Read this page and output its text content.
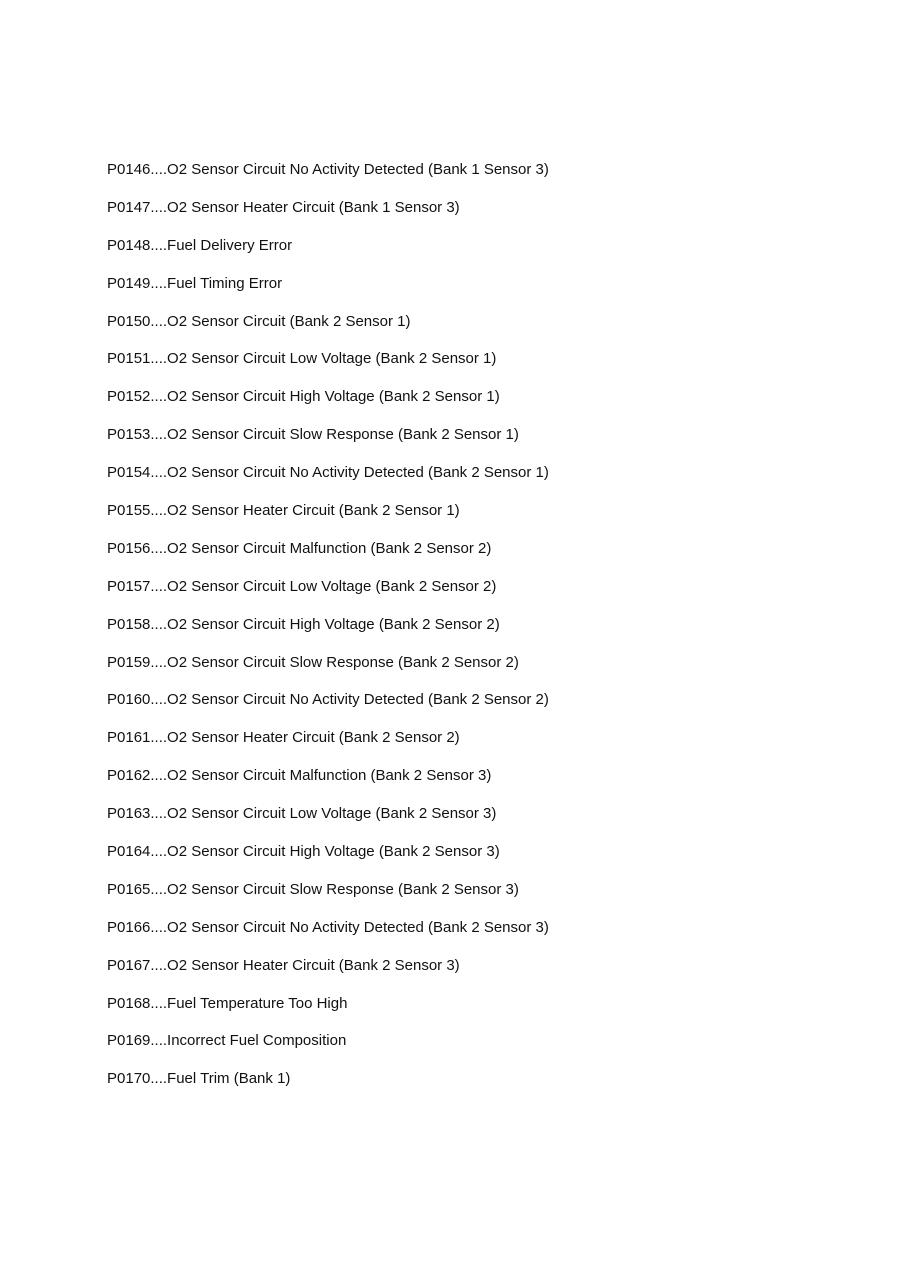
P0146....O2 Sensor Circuit No Activity Detected (Bank 1 Sensor 3)
P0147....O2 Sensor Heater Circuit (Bank 1 Sensor 3)
P0148....Fuel Delivery Error
P0149....Fuel Timing Error
P0150....O2 Sensor Circuit (Bank 2 Sensor 1)
P0151....O2 Sensor Circuit Low Voltage (Bank 2 Sensor 1)
P0152....O2 Sensor Circuit High Voltage (Bank 2 Sensor 1)
P0153....O2 Sensor Circuit Slow Response (Bank 2 Sensor 1)
P0154....O2 Sensor Circuit No Activity Detected (Bank 2 Sensor 1)
P0155....O2 Sensor Heater Circuit (Bank 2 Sensor 1)
P0156....O2 Sensor Circuit Malfunction (Bank 2 Sensor 2)
P0157....O2 Sensor Circuit Low Voltage (Bank 2 Sensor 2)
P0158....O2 Sensor Circuit High Voltage (Bank 2 Sensor 2)
P0159....O2 Sensor Circuit Slow Response (Bank 2 Sensor 2)
P0160....O2 Sensor Circuit No Activity Detected (Bank 2 Sensor 2)
P0161....O2 Sensor Heater Circuit (Bank 2 Sensor 2)
P0162....O2 Sensor Circuit Malfunction (Bank 2 Sensor 3)
P0163....O2 Sensor Circuit Low Voltage (Bank 2 Sensor 3)
P0164....O2 Sensor Circuit High Voltage (Bank 2 Sensor 3)
P0165....O2 Sensor Circuit Slow Response (Bank 2 Sensor 3)
P0166....O2 Sensor Circuit No Activity Detected (Bank 2 Sensor 3)
P0167....O2 Sensor Heater Circuit (Bank 2 Sensor 3)
P0168....Fuel Temperature Too High
P0169....Incorrect Fuel Composition
P0170....Fuel Trim (Bank 1)
